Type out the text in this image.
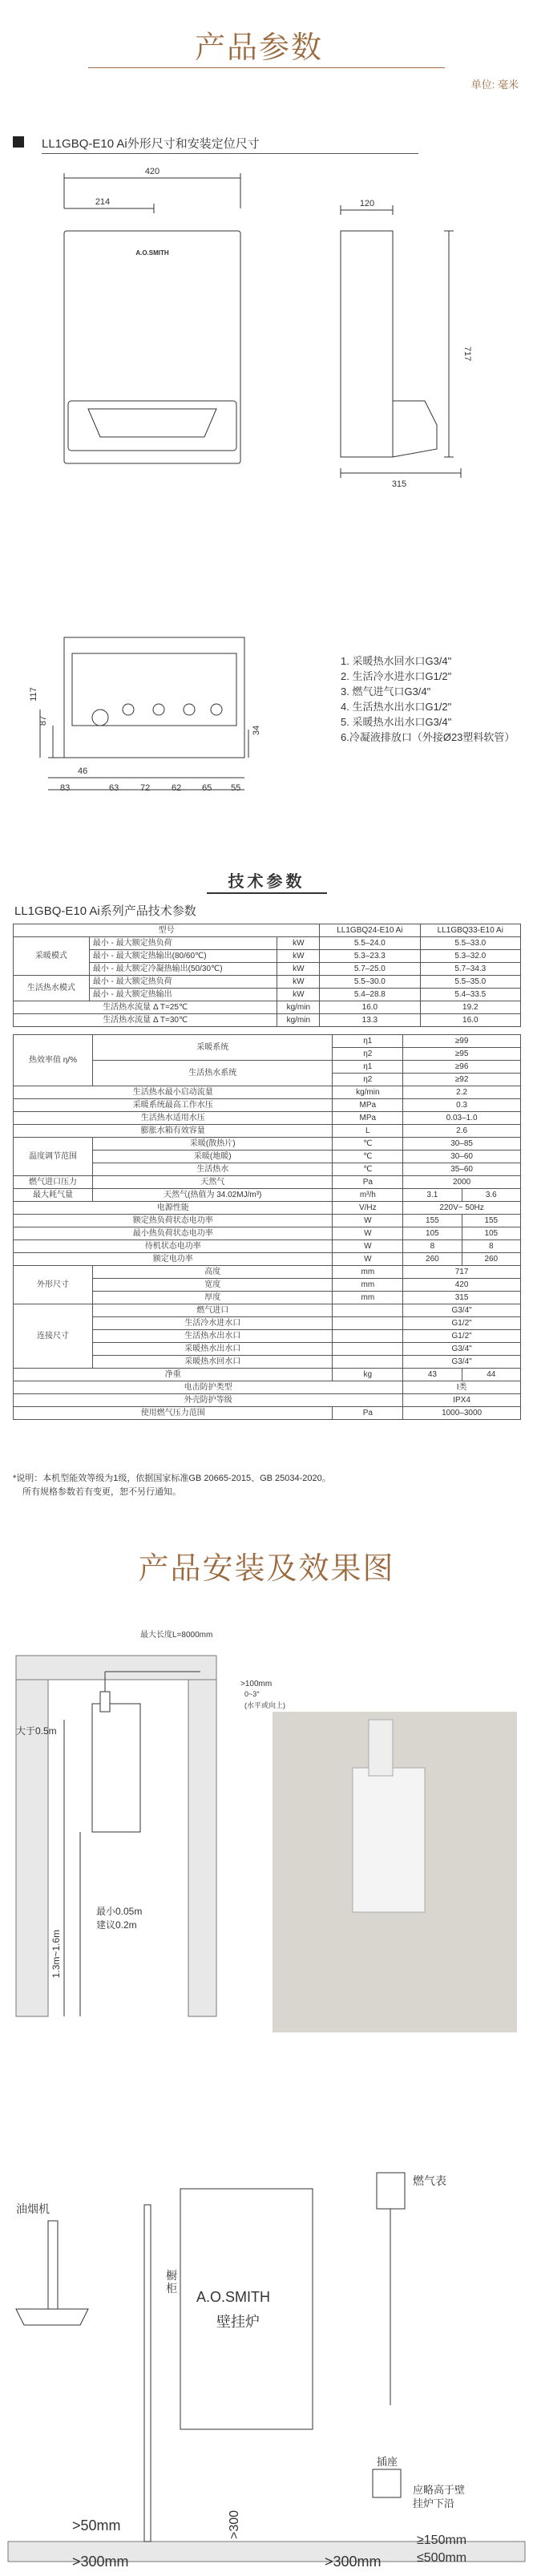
产品参数
单位: 毫米
LL1GBQ-E10 Ai外形尺寸和安装定位尺寸
420
214
A.O.SMITH
120
717
315
117
87
34
46
83	63 72 62 65 55
1. 采暖热水回水口G3/4"
2. 生活冷水进水口G1/2"
3. 燃气进气口G3/4"
4. 生活热水出水口G1/2"
5. 采暖热水出水口G3/4"
6.冷凝液排放口（外接Ø23塑料软管）
技术参数
LL1GBQ-E10 Ai系列产品技术参数
型号			LL1GBQ24-E10 Ai	LL1GBQ33-E10 Ai
采暖模式	最小 - 最大额定热负荷	kW	5.5–24.0	5.5–33.0
	最小 - 最大额定热输出(80/60℃)	kW	5.3–23.3	5.3–32.0
	最小 - 最大额定冷凝热输出(50/30℃)	kW	5.7–25.0	5.7–34.3
生活热水模式	最小 - 最大额定热负荷	kW	5.5–30.0	5.5–35.0
	最小 - 最大额定热输出	kW	5.4–28.8	5.4–33.5
生活热水流量 Δ T=25℃		kg/min	16.0	19.2
生活热水流量 Δ T=30℃		kg/min	13.3	16.0
热效率值 η/%	采暖系统	η1	≥99	
		η2	≥95	
	生活热水系统	η1	≥96	
		η2	≥92	
生活热水最小启动流量		kg/min	2.2	
采暖系统最高工作水压		MPa	0.3	
生活热水适用水压		MPa	0.03–1.0	
膨胀水箱有效容量		L	2.6	
温度调节范围	采暖(散热片)	℃	30–85	
	采暖(地暖)	℃	30–60	
	生活热水	℃	35–60	
燃气进口压力	天然气	Pa	2000	
最大耗气量	天然气(热值为 34.02MJ/m³)	m³/h	3.1	3.6
电源性能		V/Hz	220V~ 50Hz	
额定热负荷状态电功率		W	155	155
最小热负荷状态电功率		W	105	105
待机状态电功率		W	8	8
额定电功率		W	260	260
外形尺寸	高度	mm	717	
	宽度	mm	420	
	厚度	mm	315	
连接尺寸	燃气进口		G3/4"	
	生活冷水进水口		G1/2"	
	生活热水出水口		G1/2"	
	采暖热水出水口		G3/4"	
	采暖热水回水口		G3/4"	
净重		kg	43	44
电击防护类型			I类	
外壳防护等级			IPX4	
使用燃气压力范围		Pa	1000–3000	
*说明：本机型能效等级为1级，依据国家标准GB 20665-2015、GB 25034-2020。
所有规格参数若有变更，恕不另行通知。
产品安装及效果图
最大长度L=8000mm
>100mm
0~3°
(水平或向上)
大于0.5m
最小0.05m
建议0.2m
1.3m~1.6m
油烟机
橱柜
A.O.SMITH
壁挂炉
燃气表
插座
应略高于壁
挂炉下沿
>50mm
>300mm
>300
>300mm
≥150mm
≤500mm
